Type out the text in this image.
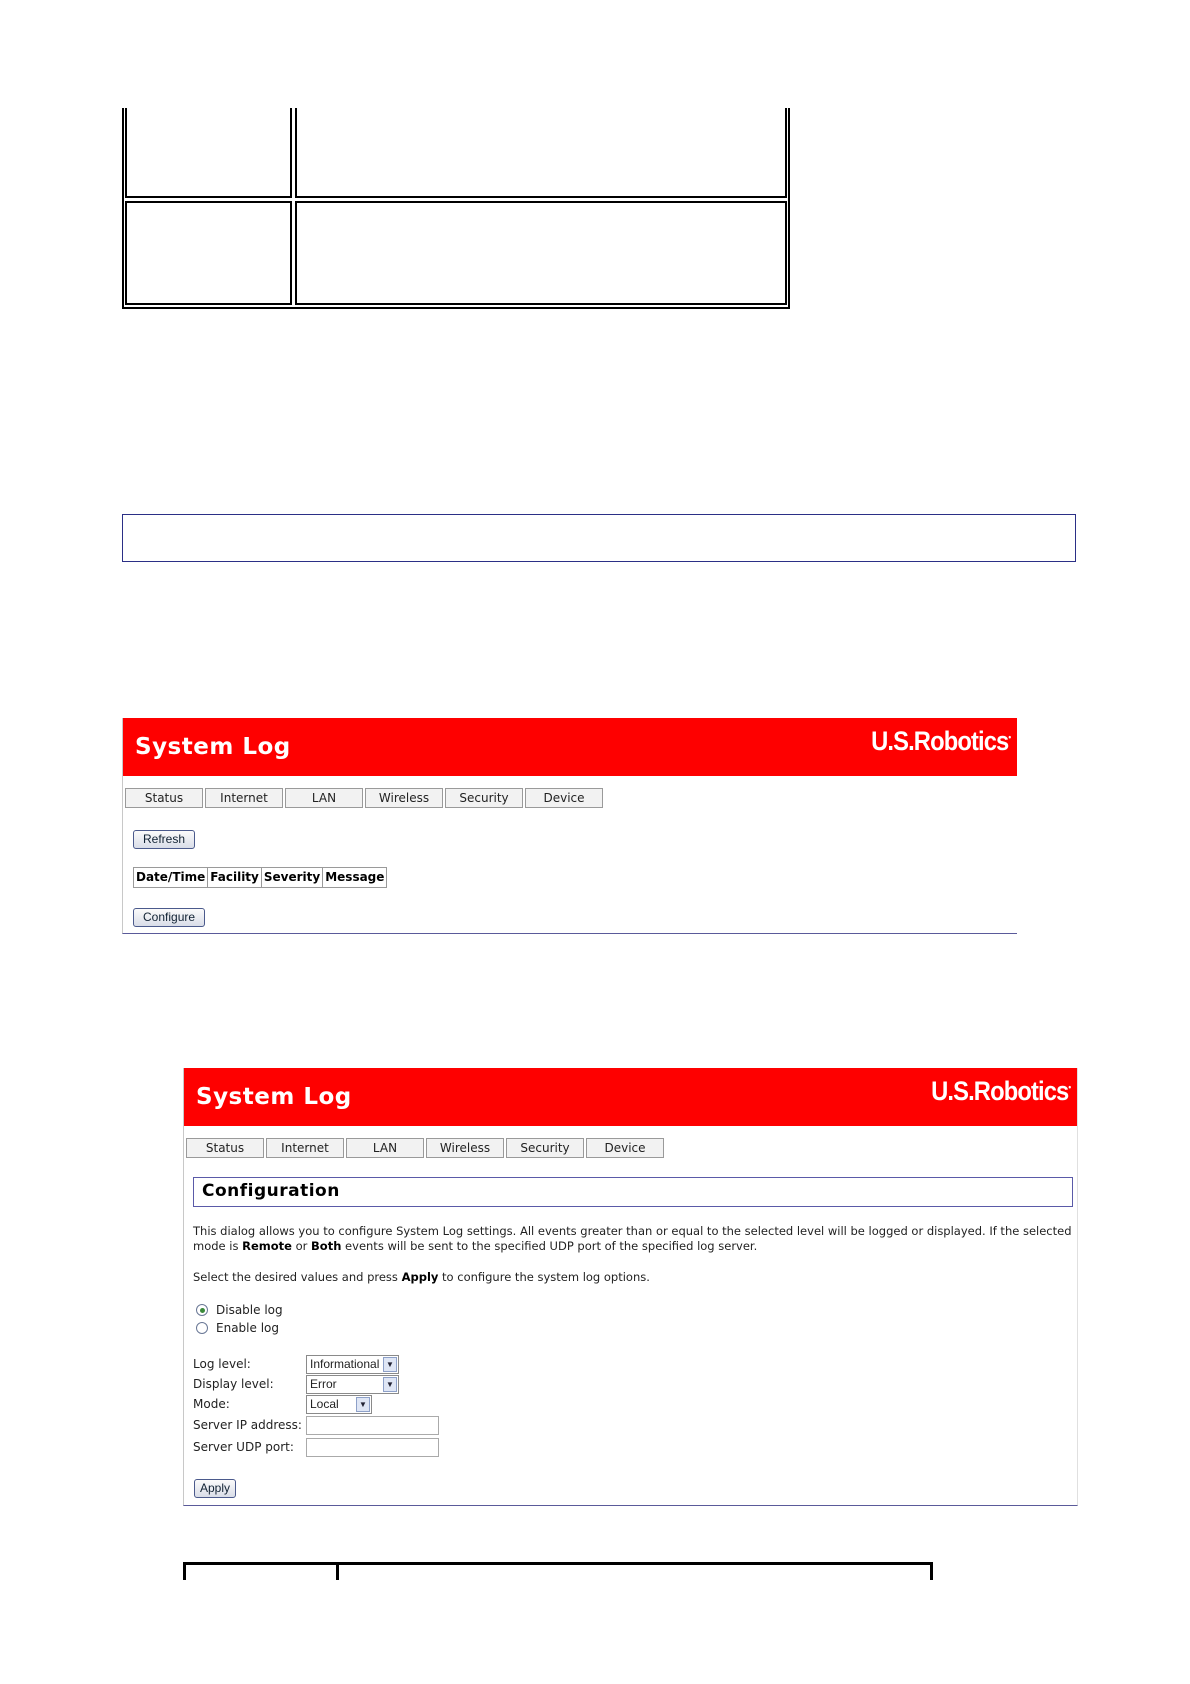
System Log	U.S.Robotics•
Status	Internet	LAN	Wireless	Security	Device
Refresh
Date/Time Facility Severity Message
Configure
System Log	U.S.Robotics•
Status	Internet	LAN	Wireless	Security	Device
Configuration
This dialog allows you to configure System Log settings. All events greater than or equal to the selected level will be logged or displayed. If the selected mode is Remote or Both events will be sent to the specified UDP port of the specified log server.
Select the desired values and press Apply to configure the system log options.
Disable log
Enable log
Log level:	Informational ▼
Display level:	Error	▼
Mode:	Local	▼
Server IP address:
Server UDP port:
Apply
